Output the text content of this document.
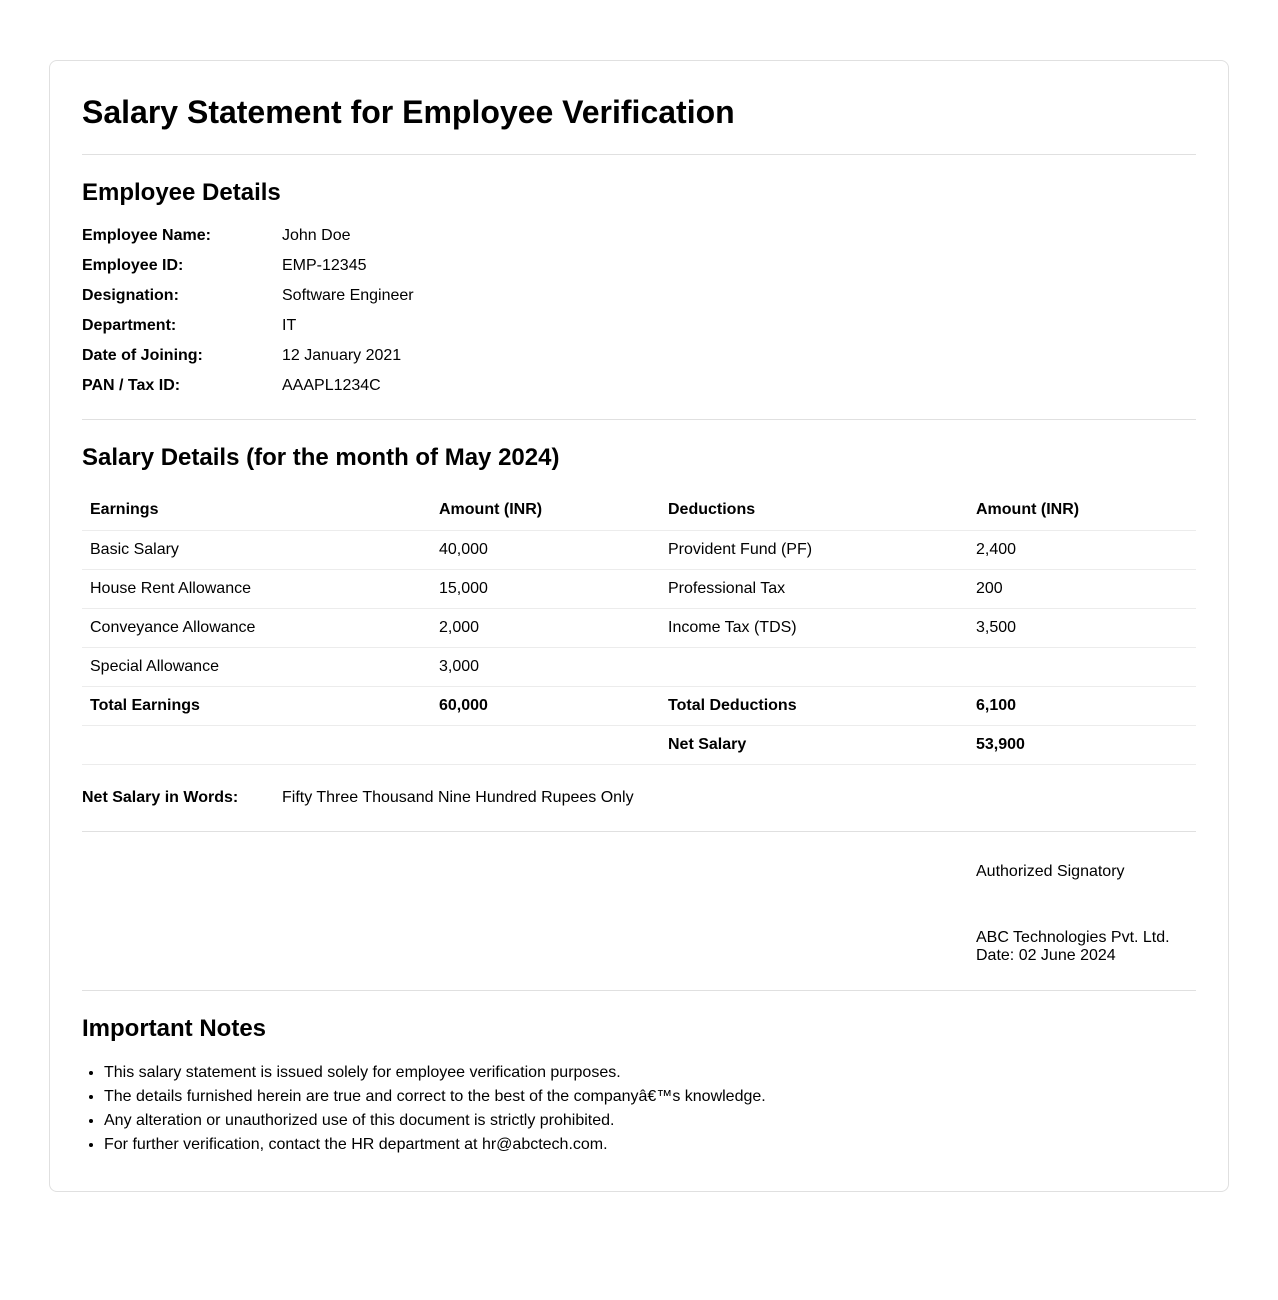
Salary Statement for Employee Verification
Employee Details
Employee Name:	John Doe
Employee ID:	EMP-12345
Designation:	Software Engineer
Department:	IT
Date of Joining:	12 January 2021
PAN / Tax ID:	AAAPL1234C
Salary Details (for the month of May 2024)
Earnings	Amount (INR)	Deductions	Amount (INR)
Basic Salary	40,000	Provident Fund (PF)	2,400
House Rent Allowance	15,000	Professional Tax	200
Conveyance Allowance	2,000	Income Tax (TDS)	3,500
Special Allowance	3,000		
Total Earnings	60,000	Total Deductions	6,100
		Net Salary	53,900
Net Salary in Words:	Fifty Three Thousand Nine Hundred Rupees Only
Authorized Signatory
ABC Technologies Pvt. Ltd.
Date: 02 June 2024
Important Notes
• This salary statement is issued solely for employee verification purposes.
• The details furnished herein are true and correct to the best of the companyâ€™s knowledge.
• Any alteration or unauthorized use of this document is strictly prohibited.
• For further verification, contact the HR department at hr@abctech.com.
